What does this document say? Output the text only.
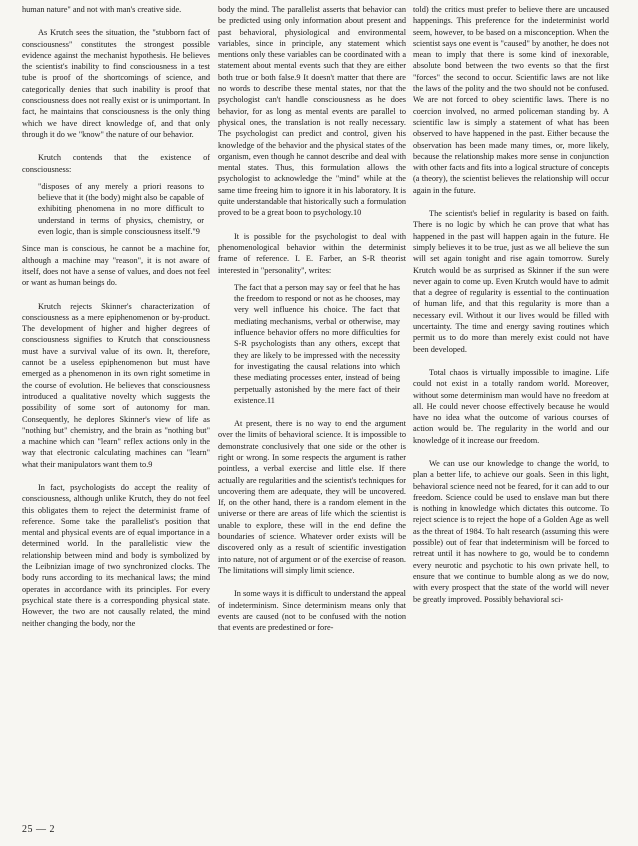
human nature" and not with man's creative side.

As Krutch sees the situation, the "stubborn fact of consciousness" constitutes the strongest possible evidence against the mechanist hypothesis. He believes the scientist's inability to find consciousness in a test tube is proof of the shortcomings of science, and categorically denies that such inability is proof that consciousness does not really exist or is unimportant. In fact, he maintains that consciousness is the only thing which we have direct knowledge of, and that only through it do we "know" the nature of our behavior.

Krutch contends that the existence of consciousness:

"disposes of any merely a priori reasons to believe that it (the body) might also be capable of exhibiting phenomena in no more difficult to understand in terms of physics, chemistry, or even logic, than is simple consciousness itself."9

Since man is conscious, he cannot be a machine for, although a machine may "reason", it is not aware of itself, does not have a sense of values, and does not feel or want as human beings do.

Krutch rejects Skinner's characterization of consciousness as a mere epiphenomenon or by-product. The development of higher and higher degrees of consciousness signifies to Krutch that consciousness must have a survival value of its own. It, therefore, cannot be a useless epiphenomenon but must have emerged as a phenomenon in its own right sometime in the course of evolution. He believes that consciousness introduced a qualitative novelty which suggests the possibility of some sort of autonomy for man. Consequently, he deplores Skinner's view of life as "nothing but" chemistry, and the brain as "nothing but" a machine which can "learn" reflex actions only in the way that electronic calculating machines can "learn" what their manipulators want them to.9

In fact, psychologists do accept the reality of consciousness, although unlike Krutch, they do not feel this obligates them to reject the determinist frame of reference. Some take the parallelist's position that mental and physical events are of equal importance in a determined world. In the parallelistic view the relationship between mind and body is symbolized by the Leibnizian image of two synchronized clocks. The body runs according to its mechanical laws; the mind operates in accordance with its principles. For every psychical state there is a corresponding physical state. However, the two are not causally related, the mind neither changing the body, nor the

body the mind. The parallelist asserts that behavior can be predicted using only information about present and past behavioral, physiological and environmental variables, since in principle, any statement which mentions only these variables can be coordinated with a statement about mental events such that they are either both true or both false.9 It doesn't matter that there are no words to describe these mental states, nor that the psychologist can't handle consciousness as he does behavior, for as long as mental events are parallel to physical ones, the translation is not really necessary. The psychologist can predict and control, given his knowledge of the behavior and the physical states of the organism, even though he cannot describe and deal with mental states. Thus, this formulation allows the psychologist to acknowledge the "mind" while at the same time freeing him to ignore it in his laboratory. It is quite understandable that historically such a formulation proved to be a great boon to psychology.10

It is possible for the psychologist to deal with phenomenological behavior within the determinist frame of reference. I. E. Farber, an S-R theorist interested in "personality", writes:

The fact that a person may say or feel that he has the freedom to respond or not as he chooses, may very well influence his choice. The fact that mediating mechanisms, verbal or otherwise, may influence behavior offers no more difficulties for S-R psychologists than any others, except that they are likely to be impressed with the necessity for investigating the causal relations into which these mediating processes enter, instead of being perpetually astonished by the mere fact of their existence.11

At present, there is no way to end the argument over the limits of behavioral science. It is impossible to demonstrate conclusively that one side or the other is right or wrong. In some respects the argument is rather pointless, a verbal exercise and little else. If there actually are regularities and the scientist's techniques for uncovering them are adequate, they will be uncovered. If, on the other hand, there is a random element in the universe or there are areas of life which the scientist is unable to explore, these will in the end define the boundaries of science. Whatever order exists will be discovered only as a result of scientific investigation into nature, not of argument or of the exercise of reason. The limitations will simply limit science.

In some ways it is difficult to understand the appeal of indeterminism. Since determinism means only that events are caused (not to be confused with the notion that events are predestined or fore-

told) the critics must prefer to believe there are uncaused happenings. This preference for the indeterminist world seem, however, to be based on a misconception. When the scientist says one event is "caused" by another, he does not mean to imply that there is some kind of inexorable, absolute bond between the two events so that the first "forces" the second to occur. Scientific laws are not like the laws of the polity and the two should not be confused. We are not forced to obey scientific laws. There is no coercion involved, no armed policeman standing by. A scientific law is simply a statement of what has been observed to have happened in the past. Either because the observation has been made many times, or, more likely, because the relationship makes more sense in conjunction with other facts and fits into a logical structure of concepts (a theory), the scientist believes the relationship will occur again in the future.

The scientist's belief in regularity is based on faith. There is no logic by which he can prove that what has happened in the past will happen again in the future. He simply believes it to be true, just as we all believe the sun will set again tonight and rise again tomorrow. Surely Krutch would be as surprised as Skinner if the sun were never again to come up. Even Krutch would have to admit that a degree of regularity is essential to the continuation of human life, and that this regularity is more than a necessary evil. Without it our lives would be filled with uncertainty. The time and energy saving routines which permit us to do more than merely exist could not have been developed.

Total chaos is virtually impossible to imagine. Life could not exist in a totally random world. Moreover, without some determinism man would have no freedom at all. He could never choose effectively because he would have no idea what the outcome of various courses of action would be. The regularity in the world and our knowledge of it increase our freedom.

We can use our knowledge to change the world, to plan a better life, to achieve our goals. Seen in this light, behavioral science need not be feared, for it can add to our freedom. Science could be used to enslave man but there is nothing in knowledge which dictates this outcome. To reject science is to reject the hope of a Golden Age as well as the threat of 1984. To halt research (assuming this were possible) out of fear that indeterminism will be forced to retreat until it has nowhere to go, would be to condemn every neurotic and psychotic to his own private hell, to ensure that we continue to bumble along as we do now, with every prospect that the state of the world will never be greatly improved. Possibly behavioral sci-

25 — 2
